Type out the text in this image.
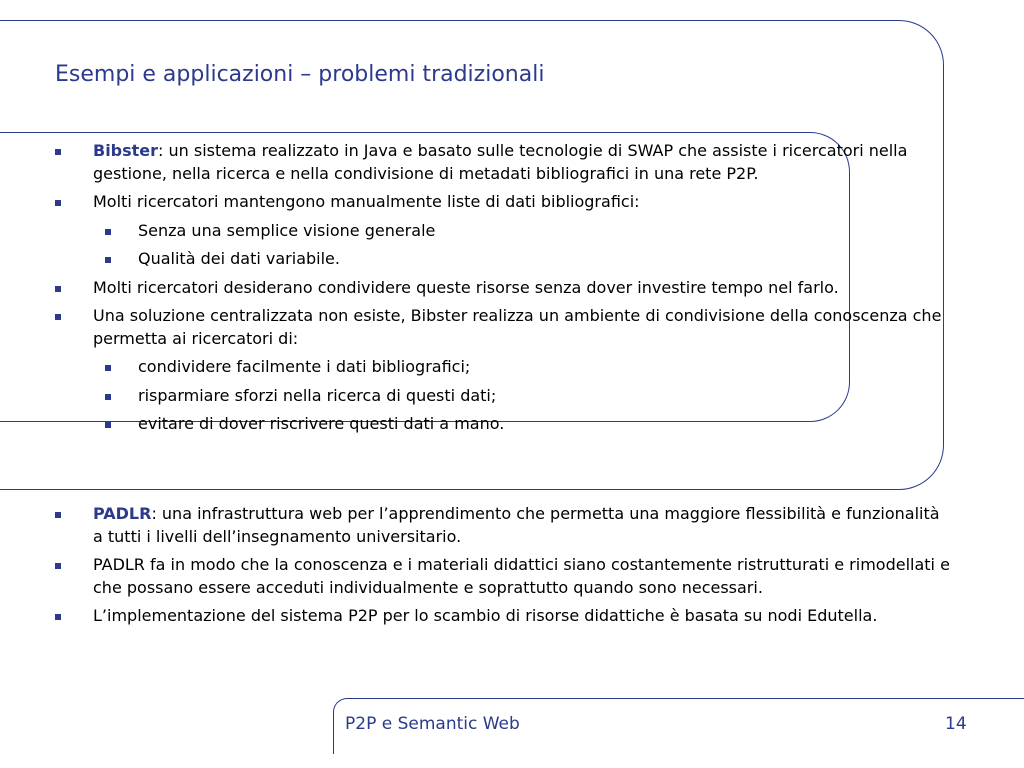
Esempi e applicazioni – problemi tradizionali
Bibster: un sistema realizzato in Java e basato sulle tecnologie di SWAP che assiste i ricercatori nella gestione, nella ricerca e nella condivisione di metadati bibliografici in una rete P2P.
Molti ricercatori mantengono manualmente liste di dati bibliografici:
Senza una semplice visione generale
Qualità dei dati variabile.
Molti ricercatori desiderano condividere queste risorse senza dover investire tempo nel farlo.
Una soluzione centralizzata non esiste, Bibster realizza un ambiente di condivisione della conoscenza che permetta ai ricercatori di:
condividere facilmente i dati bibliografici;
risparmiare sforzi nella ricerca di questi dati;
evitare di dover riscrivere questi dati a mano.
PADLR: una infrastruttura web per l’apprendimento che permetta una maggiore flessibilità e funzionalità a tutti i livelli dell’insegnamento universitario.
PADLR fa in modo che la conoscenza e i materiali didattici siano costantemente ristrutturati e rimodellati e che possano essere acceduti individualmente e soprattutto quando sono necessari.
L’implementazione del sistema P2P per lo scambio di risorse didattiche è basata su nodi Edutella.
P2P e Semantic Web	14
